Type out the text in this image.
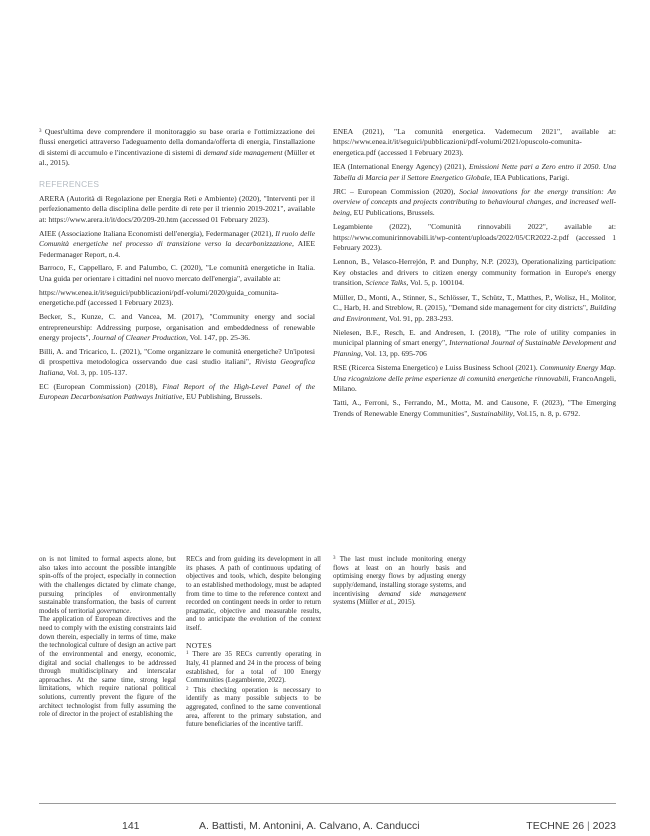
$^3$ Quest'ultima deve comprendere il monitoraggio su base oraria e l'ottimizzazione dei flussi energetici attraverso l'adeguamento della domanda/offerta di energia, l'installazione di sistemi di accumulo e l'incentivazione di sistemi di demand side management (Müller et al., 2015).

REFERENCES

ARERA (Autorità di Regolazione per Energia Reti e Ambiente) (2020), "Interventi per il perfezionamento della disciplina delle perdite di rete per il triennio 2019-2021", available at: https://www.arera.it/it/docs/20/209-20.htm (accessed 01 February 2023).

AIEE (Associazione Italiana Economisti dell'energia), Federmanager (2021), Il ruolo delle Comunità energetiche nel processo di transizione verso la decarbonizzazione, AIEE Federmanager Report, n.4.

Barroco, F., Cappellaro, F. and Palumbo, C. (2020), "Le comunità energetiche in Italia. Una guida per orientare i cittadini nel nuovo mercato dell'energia", available at:

https://www.enea.it/it/seguici/pubblicazioni/pdf-volumi/2020/guida_comunita-energetiche.pdf (accessed 1 February 2023).

Becker, S., Kunze, C. and Vancea, M. (2017), "Community energy and social entrepreneurship: Addressing purpose, organisation and embeddedness of renewable energy projects", Journal of Cleaner Production, Vol. 147, pp. 25-36.

Billi, A. and Tricarico, L. (2021), "Come organizzare le comunità energetiche? Un'ipotesi di prospettiva metodologica osservando due casi studio italiani", Rivista Geografica Italiana, Vol. 3, pp. 105-137.

EC (European Commission) (2018), Final Report of the High-Level Panel of the European Decarbonisation Pathways Initiative, EU Publishing, Brussels.

ENEA (2021), "La comunità energetica. Vademecum 2021", available at: https://www.enea.it/it/seguici/pubblicazioni/pdf-volumi/2021/opuscolo-comunita-energetica.pdf (accessed 1 February 2023).

IEA (International Energy Agency) (2021), Emissioni Nette pari a Zero entro il 2050. Una Tabella di Marcia per il Settore Energetico Globale, IEA Publications, Parigi.

JRC – European Commission (2020), Social innovations for the energy transition: An overview of concepts and projects contributing to behavioural changes, and increased well-being, EU Publications, Brussels.

Legambiente (2022), "Comunità rinnovabili 2022", available at: https://www.comunirinnovabili.it/wp-content/uploads/2022/05/CR2022-2.pdf (accessed 1 February 2023).

Lennon, B., Velasco-Herrejón, P. and Dunphy, N.P. (2023), Operationalizing participation: Key obstacles and drivers to citizen energy community formation in Europe's energy transition, Science Talks, Vol. 5, p. 100104.

Müller, D., Monti, A., Stinner, S., Schlösser, T., Schütz, T., Matthes, P., Wolisz, H., Molitor, C., Harb, H. and Streblow, R. (2015), "Demand side management for city districts", Building and Environment, Vol. 91, pp. 283-293.

Nielesen, B.F., Resch, E. and Andresen, I. (2018), "The role of utility companies in municipal planning of smart energy", International Journal of Sustainable Development and Planning, Vol. 13, pp. 695-706

RSE (Ricerca Sistema Energetico) e Luiss Business School (2021). Community Energy Map. Una ricognizione delle prime esperienze di comunità energetiche rinnovabili, FrancoAngeli, Milano.

Tatti, A., Ferroni, S., Ferrando, M., Motta, M. and Causone, F. (2023), "The Emerging Trends of Renewable Energy Communities", Sustainability, Vol.15, n. 8, p. 6792.

on is not limited to formal aspects alone, but also takes into account the possible intangible spin-offs of the project, especially in connection with the challenges dictated by climate change, pursuing principles of environmentally sustainable transformation, the basis of current models of territorial governance.

The application of European directives and the need to comply with the existing constraints laid down therein, especially in terms of time, make the technological culture of design an active part of the environmental and energy, economic, digital and social challenges to be addressed through multidisciplinary and interscalar approaches. At the same time, strong legal limitations, which require national political solutions, currently prevent the figure of the architect technologist from fully assuming the role of director in the project of establishing the

RECs and from guiding its development in all its phases. A path of continuous updating of objectives and tools, which, despite belonging to an established methodology, must be adapted from time to time to the reference context and recorded on contingent needs in order to return pragmatic, objective and measurable results, and to anticipate the evolution of the context itself.

NOTES

$^1$ There are 35 RECs currently operating in Italy, 41 planned and 24 in the process of being established, for a total of 100 Energy Communities (Legambiente, 2022).

$^2$ This checking operation is necessary to identify as many possible subjects to be aggregated, confined to the same conventional area, afferent to the primary substation, and future beneficiaries of the incentive tariff.

$^3$ The last must include monitoring energy flows at least on an hourly basis and optimising energy flows by adjusting energy supply/demand, installing storage systems, and incentivising demand side management systems (Müller et al., 2015).

141	A. Battisti, M. Antonini, A. Calvano, A. Canducci	TECHNE 26 | 2023
